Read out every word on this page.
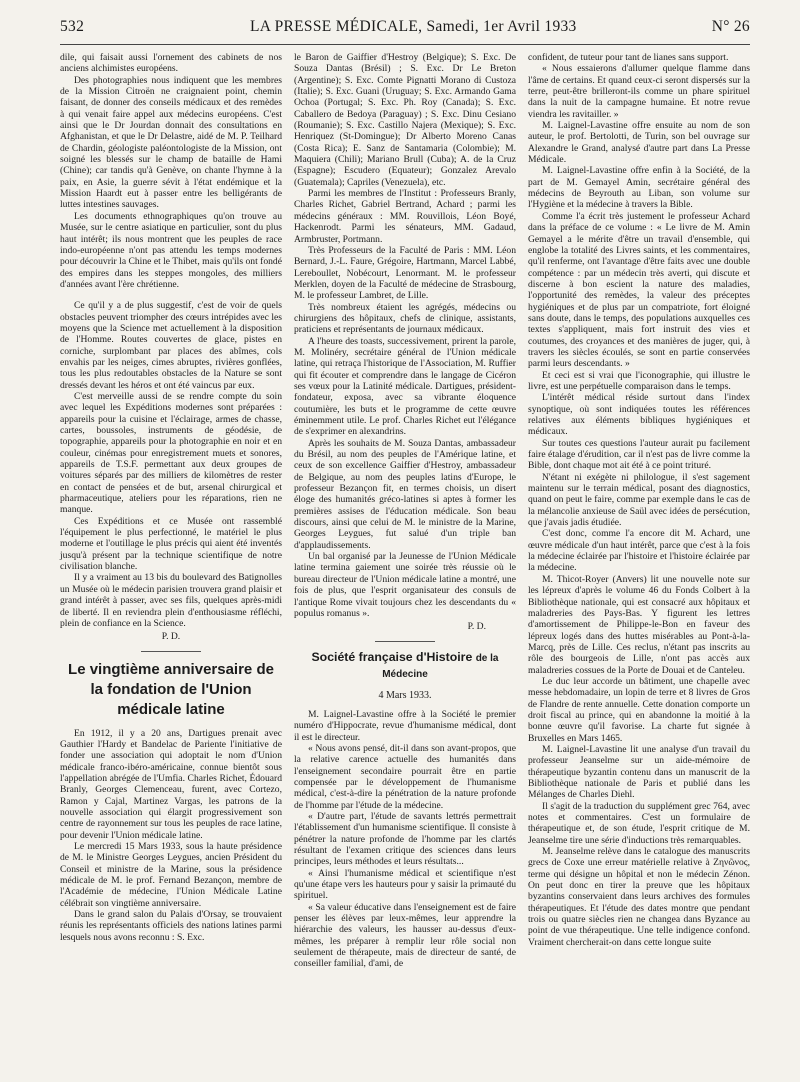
532	LA PRESSE MÉDICALE, Samedi, 1er Avril 1933	N° 26

dile, qui faisait aussi l'ornement des cabinets de nos anciens alchimistes européens.

Des photographies nous indiquent que les membres de la Mission Citroën ne craignaient point, chemin faisant, de donner des conseils médicaux et des remèdes à qui venait faire appel aux médecins européens. C'est ainsi que le Dr Jourdan donnait des consultations en Afghanistan, et que le Dr Delastre, aidé de M. P. Teilhard de Chardin, géologiste paléontologiste de la Mission, ont soigné les blessés sur le champ de bataille de Hami (Chine); car tandis qu'à Genève, on chante l'hymne à la paix, en Asie, la guerre sévit à l'état endémique et la Mission Haardt eut à passer entre les belligérants de luttes intestines sauvages.

Les documents ethnographiques qu'on trouve au Musée, sur le centre asiatique en particulier, sont du plus haut intérêt; ils nous montrent que les peuples de race indo-européenne n'ont pas attendu les temps modernes pour découvrir la Chine et le Thibet, mais qu'ils ont fondé des empires dans les steppes mongoles, des milliers d'années avant l'ère chrétienne.

Ce qu'il y a de plus suggestif, c'est de voir de quels obstacles peuvent triompher des cœurs intrépides avec les moyens que la Science met actuellement à la disposition de l'Homme. Routes couvertes de glace, pistes en corniche, surplombant par places des abîmes, cols envahis par les neiges, cimes abruptes, rivières gonflées, tous les plus redoutables obstacles de la Nature se sont dressés devant les héros et ont été vaincus par eux.

C'est merveille aussi de se rendre compte du soin avec lequel les Expéditions modernes sont préparées : appareils pour la cuisine et l'éclairage, armes de chasse, cartes, boussoles, instruments de géodésie, de topographie, appareils pour la photographie en noir et en couleur, cinémas pour enregistrement muets et sonores, appareils de T.S.F. permettant aux deux groupes de voitures séparés par des milliers de kilomètres de rester en contact de pensées et de but, arsenal chirurgical et pharmaceutique, ateliers pour les réparations, rien ne manque.

Ces Expéditions et ce Musée ont rassemblé l'équipement le plus perfectionné, le matériel le plus moderne et l'outillage le plus précis qui aient été inventés jusqu'à présent par la technique scientifique de notre civilisation blanche.

Il y a vraiment au 13 bis du boulevard des Batignolles un Musée où le médecin parisien trouvera grand plaisir et grand intérêt à passer, avec ses fils, quelques après-midi de liberté. Il en reviendra plein d'enthousiasme réfléchi, plein de confiance en la Science.

P. D.
Le vingtième anniversaire de la fondation de l'Union médicale latine

En 1912, il y a 20 ans, Dartigues prenait avec Gauthier l'Hardy et Bandelac de Pariente l'initiative de fonder une association qui adoptait le nom d'Union médicale franco-ibéro-américaine, connue bientôt sous l'appellation abrégée de l'Umfia. Charles Richet, Édouard Branly, Georges Clemenceau, furent, avec Cortezo, Ramon y Cajal, Martinez Vargas, les patrons de la nouvelle association qui élargit progressivement son centre de rayonnement sur tous les peuples de race latine, pour devenir l'Union médicale latine.

Le mercredi 15 Mars 1933, sous la haute présidence de M. le Ministre Georges Leygues, ancien Président du Conseil et ministre de la Marine, sous la présidence médicale de M. le prof. Fernand Bezançon, membre de l'Académie de médecine, l'Union Médicale Latine célébrait son vingtième anniversaire.

Dans le grand salon du Palais d'Orsay, se trouvaient réunis les représentants officiels des nations latines parmi lesquels nous avons reconnu : S. Exc.

le Baron de Gaiffier d'Hestroy (Belgique); S. Exc. De Souza Dantas (Brésil) ; S. Exc. Dr Le Breton (Argentine); S. Exc. Comte Pignatti Morano di Custoza (Italie); S. Exc. Guani (Uruguay; S. Exc. Armando Gama Ochoa (Portugal; S. Exc. Ph. Roy (Canada); S. Exc. Caballero de Bedoya (Paraguay) ; S. Exc. Dinu Cesiano (Roumanie); S. Exc. Castillo Najera (Mexique); S. Exc. Henriquez (St-Domingue); Dr Alberto Moreno Canas (Costa Rica); E. Sanz de Santamaria (Colombie); M. Maquiera (Chili); Mariano Brull (Cuba); A. de la Cruz (Espagne); Escudero (Equateur); Gonzalez Arevalo (Guatemala); Capriles (Venezuela), etc.

Parmi les membres de l'Institut : Professeurs Branly, Charles Richet, Gabriel Bertrand, Achard ; parmi les médecins généraux : MM. Rouvillois, Léon Boyé, Hackenrodt. Parmi les sénateurs, MM. Gadaud, Armbruster, Portmann.

Très Professeurs de la Faculté de Paris : MM. Léon Bernard, J.-L. Faure, Grégoire, Hartmann, Marcel Labbé, Lereboullet, Nobécourt, Lenormant. M. le professeur Merklen, doyen de la Faculté de médecine de Strasbourg, M. le professeur Lambret, de Lille.

Très nombreux étaient les agrégés, médecins ou chirurgiens des hôpitaux, chefs de clinique, assistants, praticiens et représentants de journaux médicaux.

A l'heure des toasts, successivement, prirent la parole, M. Molinéry, secrétaire général de l'Union médicale latine, qui retraça l'historique de l'Association, M. Ruffier qui fit écouter et comprendre dans le langage de Cicéron ses vœux pour la Latinité médicale. Dartigues, président-fondateur, exposa, avec sa vibrante éloquence coutumière, les buts et le programme de cette œuvre éminemment utile. Le prof. Charles Richet eut l'élégance de s'exprimer en alexandrins.

Après les souhaits de M. Souza Dantas, ambassadeur du Brésil, au nom des peuples de l'Amérique latine, et ceux de son excellence Gaiffier d'Hestroy, ambassadeur de Belgique, au nom des peuples latins d'Europe, le professeur Bezançon fit, en termes choisis, un disert éloge des humanités gréco-latines si aptes à former les premières assises de l'éducation médicale. Son beau discours, ainsi que celui de M. le ministre de la Marine, Georges Leygues, fut salué d'un triple ban d'applaudissements.

Un bal organisé par la Jeunesse de l'Union Médicale latine termina gaiement une soirée très réussie où le bureau directeur de l'Union médicale latine a montré, une fois de plus, que l'esprit organisateur des consuls de l'antique Rome vivait toujours chez les descendants du « populus romanus ».

P. D.
Société française d'Histoire de la Médecine
4 Mars 1933.

M. Laignel-Lavastine offre à la Société le premier numéro d'Hippocrate, revue d'humanisme médical, dont il est le directeur.

« Nous avons pensé, dit-il dans son avant-propos, que la relative carence actuelle des humanités dans l'enseignement secondaire pourrait être en partie compensée par le développement de l'humanisme médical, c'est-à-dire la pénétration de la nature profonde de l'homme par l'étude de la médecine.

« D'autre part, l'étude de savants lettrés permettrait l'établissement d'un humanisme scientifique. Il consiste à pénétrer la nature profonde de l'homme par les clartés résultant de l'examen critique des sciences dans leurs principes, leurs méthodes et leurs résultats...

« Ainsi l'humanisme médical et scientifique n'est qu'une étape vers les hauteurs pour y saisir la primauté du spirituel.

« Sa valeur éducative dans l'enseignement est de faire penser les élèves par leux-mêmes, leur apprendre la hiérarchie des valeurs, les hausser au-dessus d'eux-mêmes, les préparer à remplir leur rôle social non seulement de thérapeute, mais de directeur de santé, de conseiller familial, d'ami, de

confident, de tuteur pour tant de lianes sans support.

« Nous essaierons d'allumer quelque flamme dans l'âme de certains. Et quand ceux-ci seront dispersés sur la terre, peut-être brilleront-ils comme un phare spirituel dans la nuit de la campagne humaine. Et notre revue viendra les ravitailler. »

M. Laignel-Lavastine offre ensuite au nom de son auteur, le prof. Bertolotti, de Turin, son bel ouvrage sur Alexandre le Grand, analysé d'autre part dans La Presse Médicale.

M. Laignel-Lavastine offre enfin à la Société, de la part de M. Gemayel Amin, secrétaire général des médecins de Beyrouth au Liban, son volume sur l'Hygiène et la médecine à travers la Bible.

Comme l'a écrit très justement le professeur Achard dans la préface de ce volume : « Le livre de M. Amin Gemayel a le mérite d'être un travail d'ensemble, qui englobe la totalité des Livres saints, et les commentaires, qu'il renferme, ont l'avantage d'être faits avec une double compétence : par un médecin très averti, qui discute et discerne à bon escient la nature des maladies, l'opportunité des remèdes, la valeur des préceptes hygiéniques et de plus par un compatriote, fort éloigné sans doute, dans le temps, des populations auxquelles ces textes s'appliquent, mais fort instruit des vies et coutumes, des croyances et des manières de juger, qui, à travers les siècles écoulés, se sont en partie conservées parmi leurs descendants. »

Et ceci est si vrai que l'iconographie, qui illustre le livre, est une perpétuelle comparaison dans le temps.

L'intérêt médical réside surtout dans l'index synoptique, où sont indiquées toutes les références relatives aux éléments bibliques hygiéniques et médicaux.

Sur toutes ces questions l'auteur aurait pu facilement faire étalage d'érudition, car il n'est pas de livre comme la Bible, dont chaque mot ait été à ce point trituré.

N'étant ni exégète ni philologue, il s'est sagement maintenu sur le terrain médical, posant des diagnostics, quand on peut le faire, comme par exemple dans le cas de la mélancolie anxieuse de Saül avec idées de persécution, que j'avais jadis étudiée.

C'est donc, comme l'a encore dit M. Achard, une œuvre médicale d'un haut intérêt, parce que c'est à la fois la médecine éclairée par l'histoire et l'histoire éclairée par la médecine.

M. Thicot-Royer (Anvers) lit une nouvelle note sur les lépreux d'après le volume 46 du Fonds Colbert à la Bibliothèque nationale, qui est consacré aux hôpitaux et maladreries des Pays-Bas. Y figurent les lettres d'amortissement de Philippe-le-Bon en faveur des lépreux logés dans des huttes misérables au Pont-à-la-Marcq, près de Lille. Ces reclus, n'étant pas inscrits au rôle des bourgeois de Lille, n'ont pas accès aux maladreries cossues de la Porte de Douai et de Canteleu.

Le duc leur accorde un bâtiment, une chapelle avec messe hebdomadaire, un lopin de terre et 8 livres de Gros de Flandre de rente annuelle. Cette donation comporte un droit fiscal au prince, qui en abandonne la moitié à la bonne œuvre qu'il favorise. La charte fut signée à Bruxelles en Mars 1465.

M. Laignel-Lavastine lit une analyse d'un travail du professeur Jeanselme sur un aide-mémoire de thérapeutique byzantin contenu dans un manuscrit de la Bibliothèque nationale de Paris et publié dans les Mélanges de Charles Diehl.

Il s'agit de la traduction du supplément grec 764, avec notes et commentaires. C'est un formulaire de thérapeutique et, de son étude, l'esprit critique de M. Jeanselme tire une série d'inductions très remarquables.

M. Jeanselme relève dans le catalogue des manuscrits grecs de Coxe une erreur matérielle relative à Ζηνῶνος, terme qui désigne un hôpital et non le médecin Zénon. On peut donc en tirer la preuve que les hôpitaux byzantins conservaient dans leurs archives des formules thérapeutiques. Et l'étude des dates montre que pendant trois ou quatre siècles rien ne changea dans Byzance au point de vue thérapeutique. Une telle indigence confond. Vraiment chercherait-on dans cette longue suite
